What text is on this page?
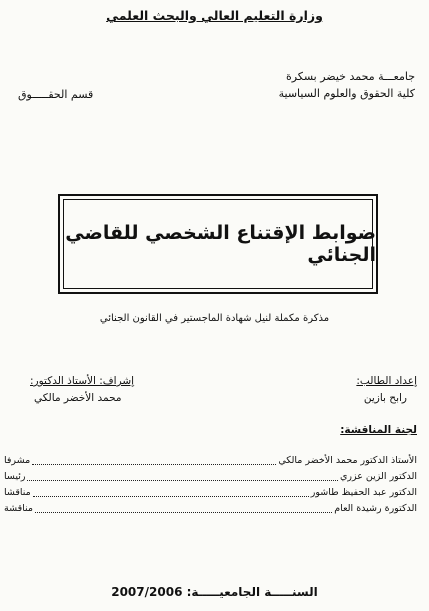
وزارة التعليم العالي والبحث العلمي
جامعـــة محمد خيضر بسكرة
كلية الحقوق والعلوم السياسية
قسم الحقـــــوق
ضوابط الإقتناع الشخصي للقاضي الجنائي
مذكرة مكملة لنيل شهادة الماجستير في القانون الجنائي
إعداد الطالب:
رابح بازين
إشراف: الأستاذ الدكتور:
محمد الأخضر مالكي
لجنة المناقشة:
الأستاذ الدكتور محمد الأخضر مالكي
مشرفا
الدكتور الزين عزري
رئيسا
الدكتور عبد الحفيظ طاشور
مناقشا
الدكتورة رشيدة العام
مناقشة
السنـــــة الجامعيـــــة: 2007/2006
